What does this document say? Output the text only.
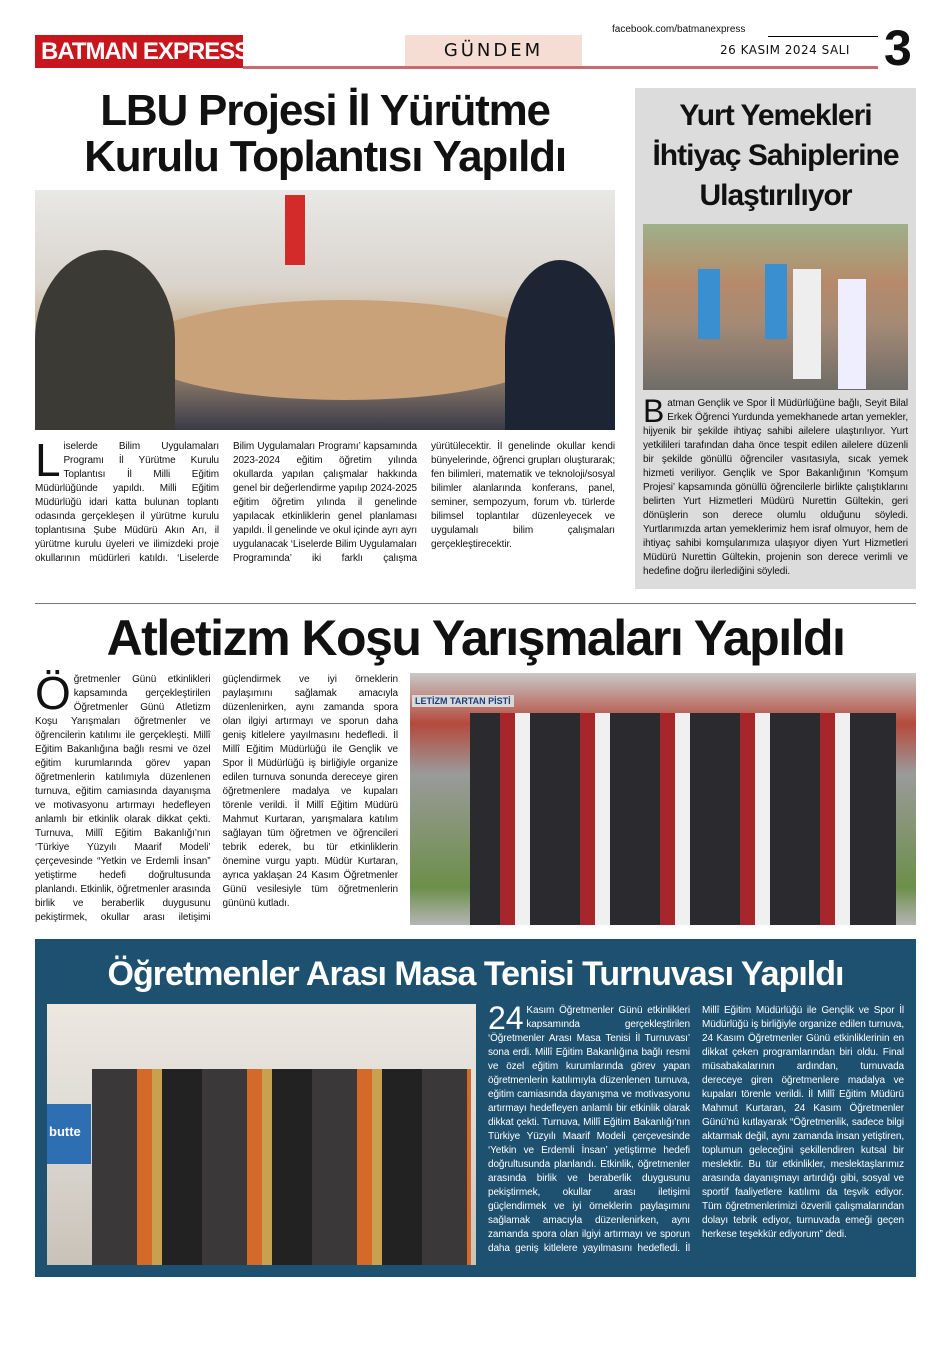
BATMAN EXPRESS	GÜNDEM
facebook.com/batmanexpress
26 KASIM 2024 SALI 3
LBU Projesi İl Yürütme
Kurulu Toplantısı Yapıldı
Liselerde Bilim Uygulamaları Programı İl Yürütme Kurulu Toplantısı İl Milli Eğitim Müdürlüğünde yapıldı. Milli Eğitim Müdürlüğü idari katta bulunan toplantı odasında gerçekleşen il yürütme kurulu toplantısına Şube Müdürü Akın Arı, il yürütme kurulu üyeleri ve ilimizdeki proje okullarının müdürleri katıldı. ‘Liselerde Bilim Uygulamaları Programı’ kapsamında 2023-2024 eğitim öğretim yılında okullarda yapılan çalışmalar hakkında genel bir değerlendirme yapılıp 2024-2025 eğitim öğretim yılında il genelinde yapılacak etkinliklerin genel planlaması yapıldı. İl genelinde ve okul içinde ayrı ayrı uygulanacak ‘Liselerde Bilim Uygulamaları Programında’ iki farklı çalışma yürütülecektir. İl genelinde okullar kendi bünyelerinde, öğrenci grupları oluşturarak; fen bilimleri, matematik ve teknoloji/sosyal bilimler alanlarında konferans, panel, seminer, sempozyum, forum vb. türlerde bilimsel toplantılar düzenleyecek ve uygulamalı bilim çalışmaları gerçekleştirecektir.
Yurt Yemekleri
İhtiyaç Sahiplerine
Ulaştırılıyor
Batman Gençlik ve Spor İl Müdürlüğüne bağlı, Seyit Bilal Erkek Öğrenci Yurdunda yemekhanede artan yemekler, hijyenik bir şekilde ihtiyaç sahibi ailelere ulaştırılıyor. Yurt yetkilileri tarafından daha önce tespit edilen ailelere düzenli bir şekilde gönüllü öğrenciler vasıtasıyla, sıcak yemek hizmeti veriliyor. Gençlik ve Spor Bakanlığının ‘Komşum Projesi’ kapsamında gönüllü öğrencilerle birlikte çalıştıklarını belirten Yurt Hizmetleri Müdürü Nurettin Gültekin, geri dönüşlerin son derece olumlu olduğunu söyledi. Yurtlarımızda artan yemeklerimiz hem israf olmuyor, hem de ihtiyaç sahibi komşularımıza ulaşıyor diyen Yurt Hizmetleri Müdürü Nurettin Gültekin, projenin son derece verimli ve hedefine doğru ilerlediğini söyledi.
Atletizm Koşu Yarışmaları Yapıldı
Öğretmenler Günü etkinlikleri kapsamında gerçekleştirilen Öğretmenler Günü Atletizm Koşu Yarışmaları öğretmenler ve öğrencilerin katılımı ile gerçekleşti. Millî Eğitim Bakanlığına bağlı resmi ve özel eğitim kurumlarında görev yapan öğretmenlerin katılımıyla düzenlenen turnuva, eğitim camiasında dayanışma ve motivasyonu artırmayı hedefleyen anlamlı bir etkinlik olarak dikkat çekti. Turnuva, Millî Eğitim Bakanlığı’nın ‘Türkiye Yüzyılı Maarif Modeli’ çerçevesinde “Yetkin ve Erdemli İnsan” yetiştirme hedefi doğrultusunda planlandı. Etkinlik, öğretmenler arasında birlik ve beraberlik duygusunu pekiştirmek, okullar arası iletişimi güçlendirmek ve iyi örneklerin paylaşımını sağlamak amacıyla düzenlenirken, aynı zamanda spora olan ilgiyi artırmayı ve sporun daha geniş kitlelere yayılmasını hedefledi. İl Millî Eğitim Müdürlüğü ile Gençlik ve Spor İl Müdürlüğü iş birliğiyle organize edilen turnuva sonunda dereceye giren öğretmenlere madalya ve kupaları törenle verildi. İl Millî Eğitim Müdürü Mahmut Kurtaran, yarışmalara katılım sağlayan tüm öğretmen ve öğrencileri tebrik ederek, bu tür etkinliklerin önemine vurgu yaptı. Müdür Kurtaran, ayrıca yaklaşan 24 Kasım Öğretmenler Günü vesilesiyle tüm öğretmenlerin gününü kutladı.
LETİZM TARTAN PİSTİ
Öğretmenler Arası Masa Tenisi Turnuvası Yapıldı
butte
24 Kasım Öğretmenler Günü etkinlikleri kapsamında gerçekleştirilen ‘Öğretmenler Arası Masa Tenisi İl Turnuvası’ sona erdi. Millî Eğitim Bakanlığına bağlı resmi ve özel eğitim kurumlarında görev yapan öğretmenlerin katılımıyla düzenlenen turnuva, eğitim camiasında dayanışma ve motivasyonu artırmayı hedefleyen anlamlı bir etkinlik olarak dikkat çekti. Turnuva, Millî Eğitim Bakanlığı’nın Türkiye Yüzyılı Maarif Modeli çerçevesinde ‘Yetkin ve Erdemli İnsan’ yetiştirme hedefi doğrultusunda planlandı. Etkinlik, öğretmenler arasında birlik ve beraberlik duygusunu pekiştirmek, okullar arası iletişimi güçlendirmek ve iyi örneklerin paylaşımını sağlamak amacıyla düzenlenirken, aynı zamanda spora olan ilgiyi artırmayı ve sporun daha geniş kitlelere yayılmasını hedefledi. İl Millî Eğitim Müdürlüğü ile Gençlik ve Spor İl Müdürlüğü iş birliğiyle organize edilen turnuva, 24 Kasım Öğretmenler Günü etkinliklerinin en dikkat çeken programlarından biri oldu. Final müsabakalarının ardından, turnuvada dereceye giren öğretmenlere madalya ve kupaları törenle verildi. İl Millî Eğitim Müdürü Mahmut Kurtaran, 24 Kasım Öğretmenler Günü’nü kutlayarak “Öğretmenlik, sadece bilgi aktarmak değil, aynı zamanda insan yetiştiren, toplumun geleceğini şekillendiren kutsal bir meslektir. Bu tür etkinlikler, meslektaşlarımız arasında dayanışmayı artırdığı gibi, sosyal ve sportif faaliyetlere katılımı da teşvik ediyor. Tüm öğretmenlerimizi özverili çalışmalarından dolayı tebrik ediyor, turnuvada emeği geçen herkese teşekkür ediyorum” dedi.
